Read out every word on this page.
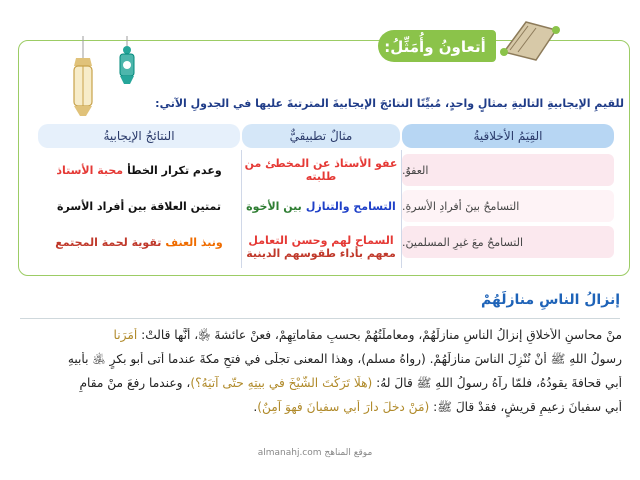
أتعاونُ وأُمَثِّلُ:
للقيمِ الإيجابيةِ التاليةِ بمثالٍ واحدٍ، مُبيِّنًا النتائجَ الإيجابيةَ المترتبةَ عليها في الجدولِ الآتي:
القِيَمُ الأخلاقيةُ
مثالٌ تطبيقيٌّ
النتائجُ الإيجابيةُ
العفوُ.
عفو الأستاذ عن المخطئ من طلبته
وعدم تكرار الخطأ
محبة الأستاذ
التسامحُ بينَ أفرادِ الأسرةِ.
التسامح والتنازل
بين الأخوة
تمتين العلاقة بين أفراد الأسرة
التسامحُ معَ غيرِ المسلمينَ.
السماح لهم وحسن التعامل
معهم بأداء طقوسهم الدينية
ونبذ العنف
تقوية لحمة المجتمع
إنزالُ الناسِ منازلَهُمْ
منْ محاسنِ الأخلاقِ إنزالُ الناسِ منازلَهُمْ، ومعاملَتُهُمْ بحسبِ مقاماتِهِمْ، فعنْ عائشةَ ﵂، أنَّها قالتْ: أَمَرَنا
رسولُ اللهِ ﷺ أنْ نُنْزِلَ الناسَ منازلَهُمْ. (رواهُ مسلم)، وهذا المعنى تجلّى في فتحِ مكةَ عندما أتى أبو بكرٍ ﵁ بأبيهِ
أبي قحافةَ يقودُهُ، فلمّا رآهُ رسولُ اللهِ ﷺ قالَ لهُ: (هلّا تَرَكْتَ الشَّيْخَ في بيتِهِ حتّى آتيَهُ؟)، وعندما رفعَ منْ مقامِ
أبي سفيانَ زعيمِ قريشٍ، فقدْ قالَ ﷺ: (مَنْ دخلَ دارَ أبي سفيانَ فهوَ آمِنٌ).
موقع المناهج almanahj.com
